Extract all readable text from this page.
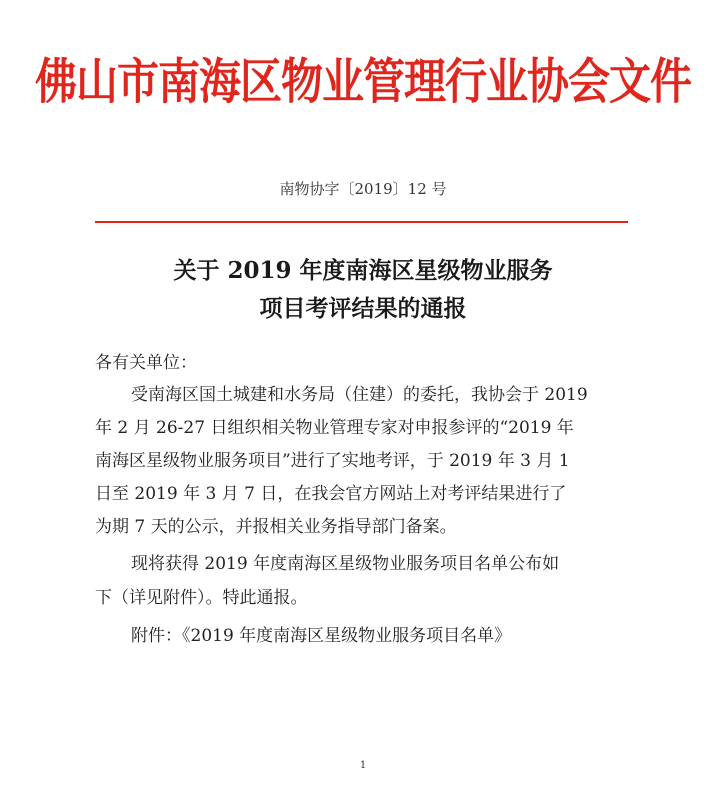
佛山市南海区物业管理行业协会文件
南物协字〔2019〕12 号
关于 2019 年度南海区星级物业服务
项目考评结果的通报
各有关单位：
受南海区国土城建和水务局（住建）的委托，我协会于 2019
年 2 月 26-27 日组织相关物业管理专家对申报参评的“2019 年
南海区星级物业服务项目”进行了实地考评，于 2019 年 3 月 1
日至 2019 年 3 月 7 日，在我会官方网站上对考评结果进行了
为期 7 天的公示，并报相关业务指导部门备案。
现将获得 2019 年度南海区星级物业服务项目名单公布如
下（详见附件）。特此通报。
附件：《2019 年度南海区星级物业服务项目名单》
1
